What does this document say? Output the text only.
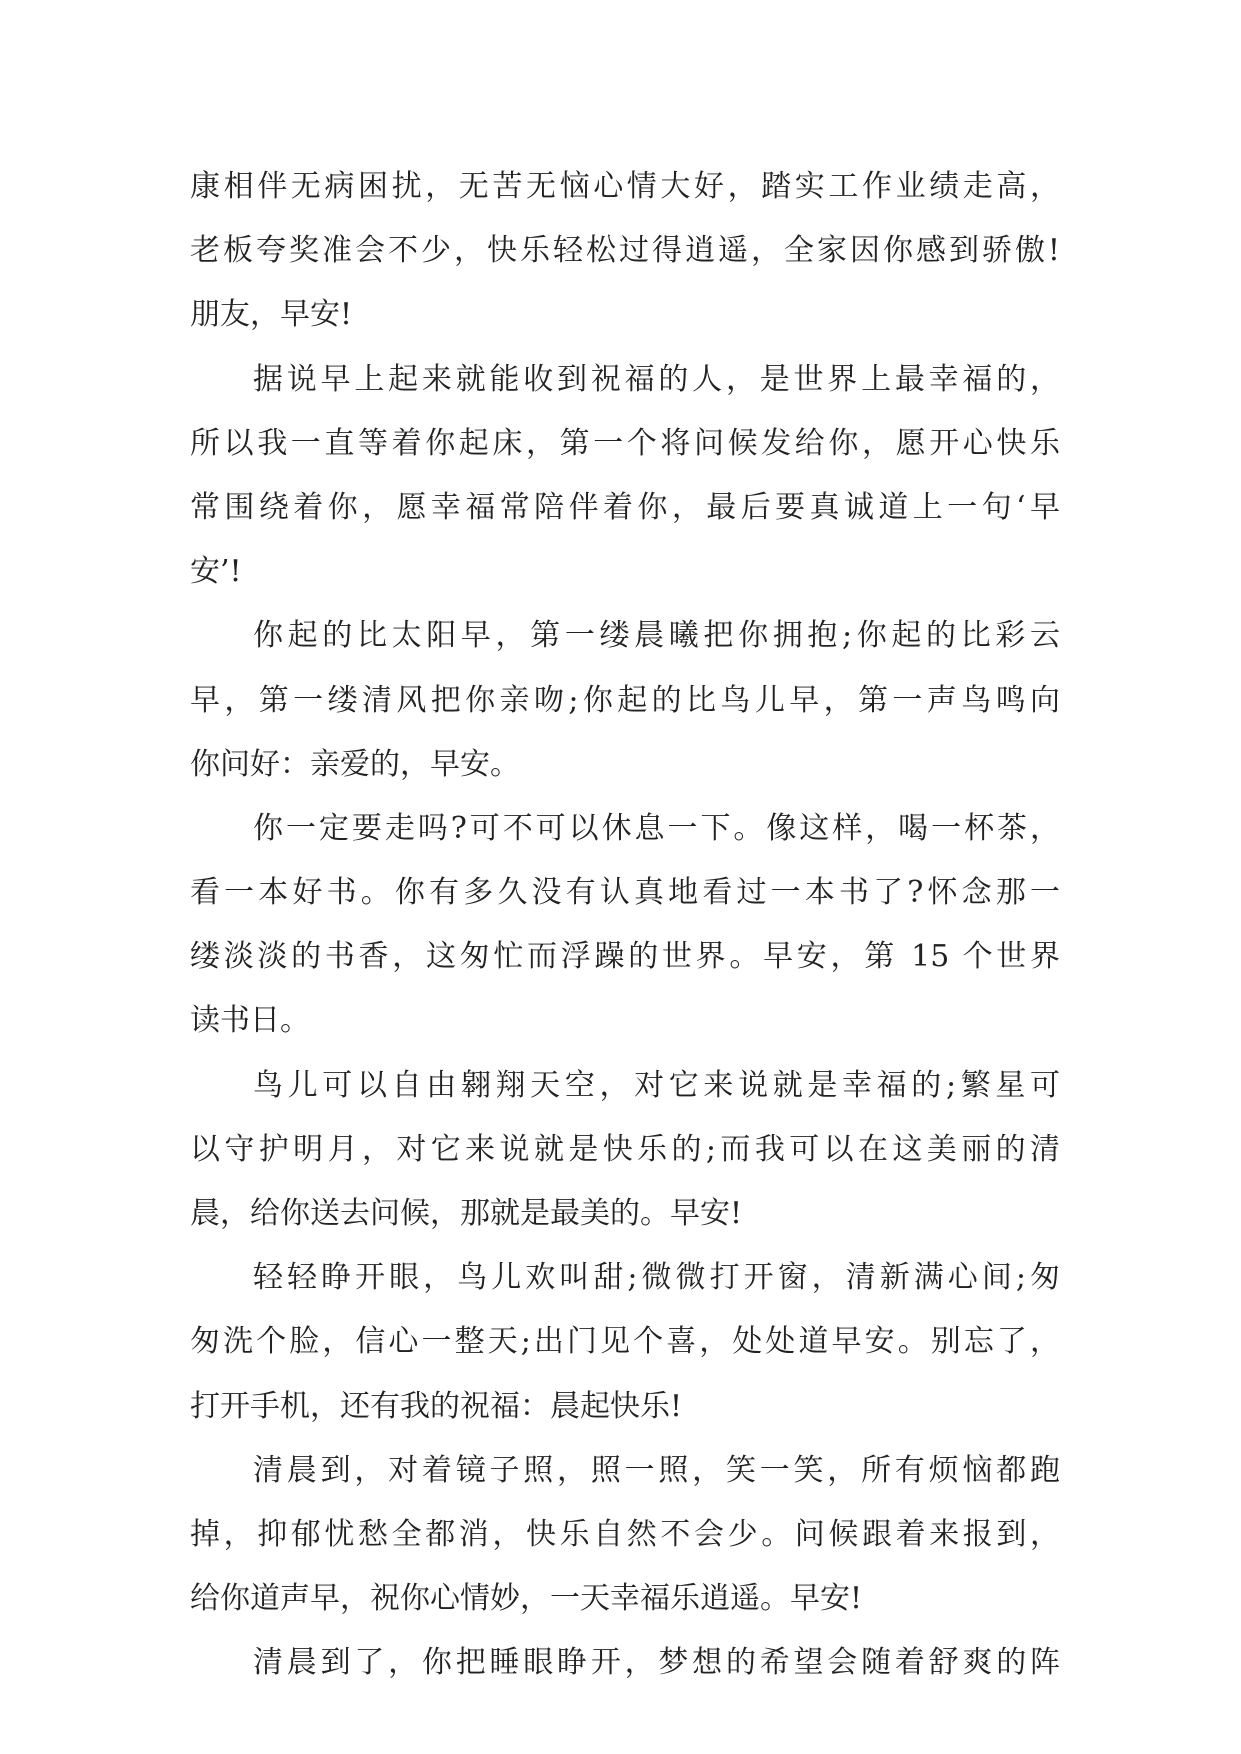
康相伴无病困扰，无苦无恼心情大好，踏实工作业绩走高，
老板夸奖准会不少，快乐轻松过得逍遥，全家因你感到骄傲!
朋友，早安!
据说早上起来就能收到祝福的人，是世界上最幸福的，
所以我一直等着你起床，第一个将问候发给你，愿开心快乐
常围绕着你，愿幸福常陪伴着你，最后要真诚道上一句‘早
安’!
你起的比太阳早，第一缕晨曦把你拥抱;你起的比彩云
早，第一缕清风把你亲吻;你起的比鸟儿早，第一声鸟鸣向
你问好：亲爱的，早安。
你一定要走吗?可不可以休息一下。像这样，喝一杯茶，
看一本好书。你有多久没有认真地看过一本书了?怀念那一
缕淡淡的书香，这匆忙而浮躁的世界。早安，第 15 个世界
读书日。
鸟儿可以自由翱翔天空，对它来说就是幸福的;繁星可
以守护明月，对它来说就是快乐的;而我可以在这美丽的清
晨，给你送去问候，那就是最美的。早安!
轻轻睁开眼，鸟儿欢叫甜;微微打开窗，清新满心间;匆
匆洗个脸，信心一整天;出门见个喜，处处道早安。别忘了，
打开手机，还有我的祝福：晨起快乐!
清晨到，对着镜子照，照一照，笑一笑，所有烦恼都跑
掉，抑郁忧愁全都消，快乐自然不会少。问候跟着来报到，
给你道声早，祝你心情妙，一天幸福乐逍遥。早安!
清晨到了，你把睡眼睁开，梦想的希望会随着舒爽的阵
